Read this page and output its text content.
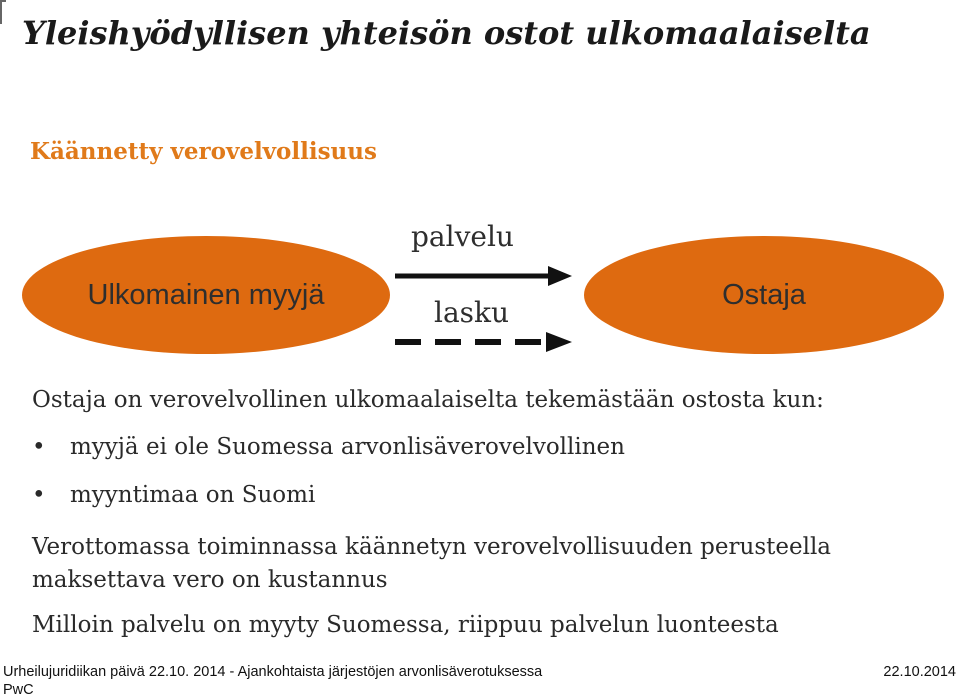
Yleishyödyllisen yhteisön ostot ulkomaalaiselta
Käännetty verovelvollisuus
Ulkomainen myyjä	Ostaja
palvelu
lasku
Ostaja on verovelvollinen ulkomaalaiselta tekemästään ostosta kun:
• myyjä ei ole Suomessa arvonlisäverovelvollinen
• myyntimaa on Suomi
Verottomassa toiminnassa käännetyn verovelvollisuuden perusteella maksettava vero on kustannus
Milloin palvelu on myyty Suomessa, riippuu palvelun luonteesta
Urheilujuridiikan päivä 22.10. 2014 - Ajankohtaista järjestöjen arvonlisäverotuksessa
PwC
22.10.2014
